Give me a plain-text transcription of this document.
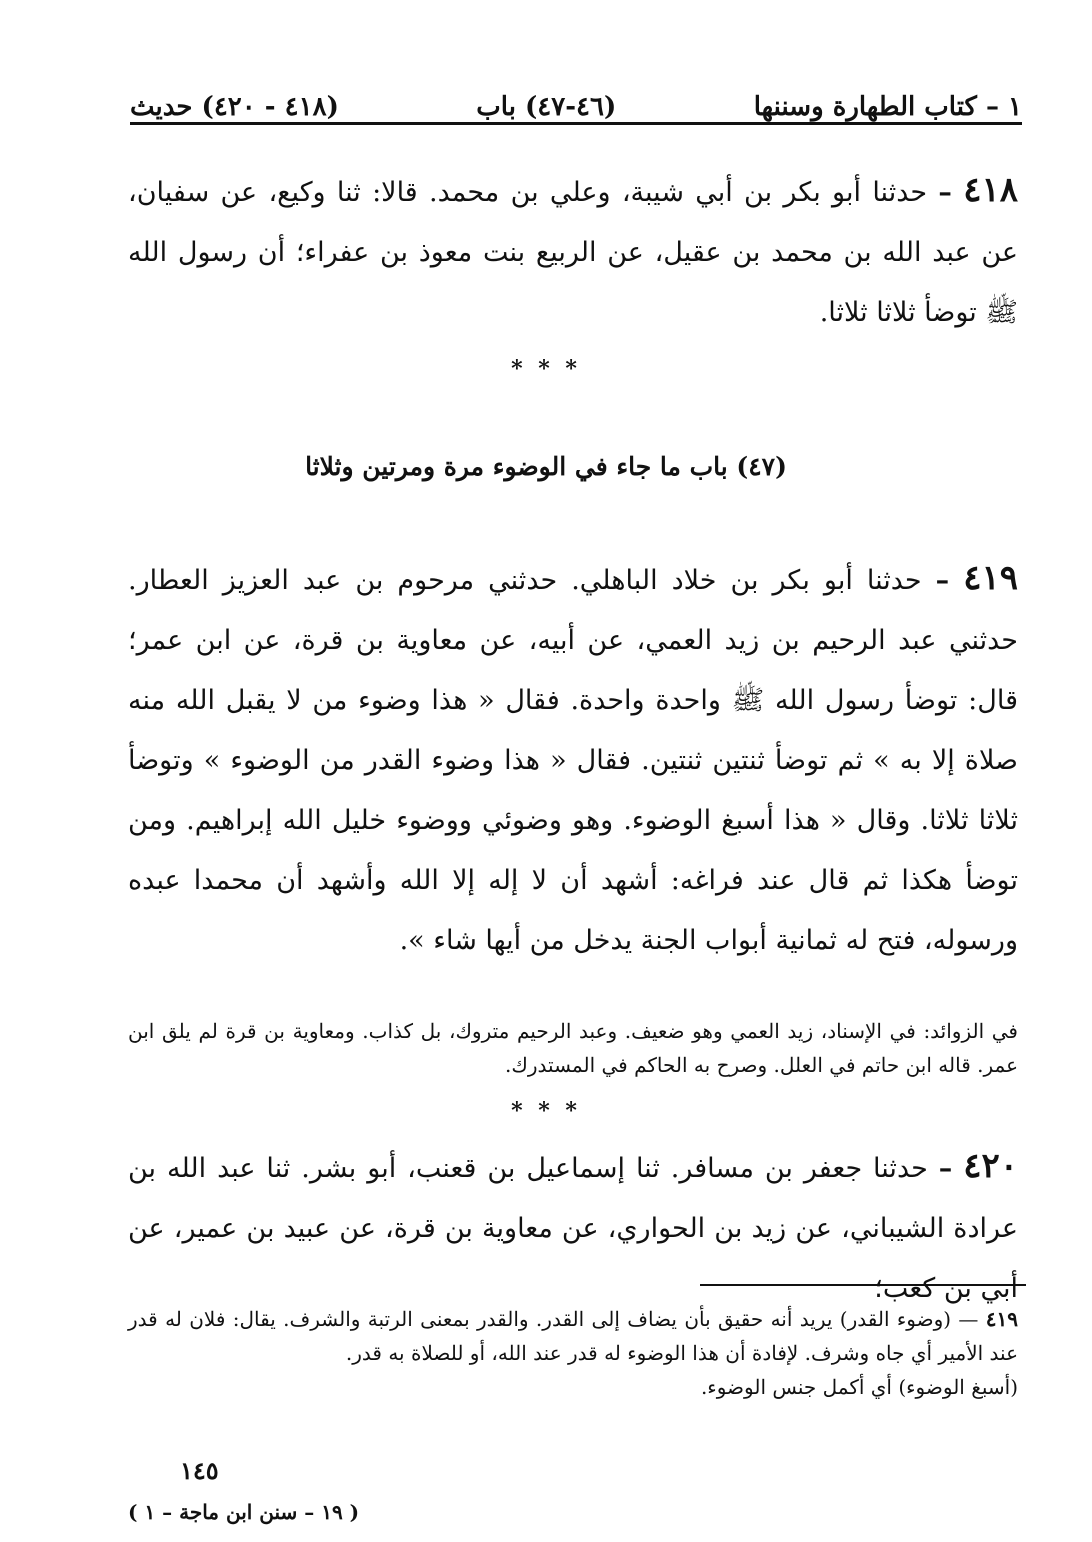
١ – كتاب الطهارة وسننها
(٤٦-٤٧) باب
(٤١٨ - ٤٢٠) حديث
٤١٨ – حدثنا أبو بكر بن أبي شيبة، وعلي بن محمد. قالا: ثنا وكيع، عن سفيان، عن عبد الله بن محمد بن عقيل، عن الربيع بنت معوذ بن عفراء؛ أن رسول الله ﷺ توضأ ثلاثا ثلاثا.
* * *
(٤٧) باب ما جاء في الوضوء مرة ومرتين وثلاثا
٤١٩ – حدثنا أبو بكر بن خلاد الباهلي. حدثني مرحوم بن عبد العزيز العطار. حدثني عبد الرحيم بن زيد العمي، عن أبيه، عن معاوية بن قرة، عن ابن عمر؛ قال: توضأ رسول الله ﷺ واحدة واحدة. فقال « هذا وضوء من لا يقبل الله منه صلاة إلا به » ثم توضأ ثنتين ثنتين. فقال « هذا وضوء القدر من الوضوء » وتوضأ ثلاثا ثلاثا. وقال « هذا أسبغ الوضوء. وهو وضوئي ووضوء خليل الله إبراهيم. ومن توضأ هكذا ثم قال عند فراغه: أشهد أن لا إله إلا الله وأشهد أن محمدا عبده ورسوله، فتح له ثمانية أبواب الجنة يدخل من أيها شاء ».
في الزوائد: في الإسناد، زيد العمي وهو ضعيف. وعبد الرحيم متروك، بل كذاب. ومعاوية بن قرة لم يلق ابن عمر. قاله ابن حاتم في العلل. وصرح به الحاكم في المستدرك.
* * *
٤٢٠ – حدثنا جعفر بن مسافر. ثنا إسماعيل بن قعنب، أبو بشر. ثنا عبد الله بن عرادة الشيباني، عن زيد بن الحواري، عن معاوية بن قرة، عن عبيد بن عمير، عن أبي بن كعب؛
٤١٩ — (وضوء القدر) يريد أنه حقيق بأن يضاف إلى القدر. والقدر بمعنى الرتبة والشرف. يقال: فلان له قدر عند الأمير أي جاه وشرف. لإفادة أن هذا الوضوء له قدر عند الله، أو للصلاة به قدر.
(أسبغ الوضوء) أي أكمل جنس الوضوء.
١٤٥
( ١٩ – سنن ابن ماجة – ١ )
